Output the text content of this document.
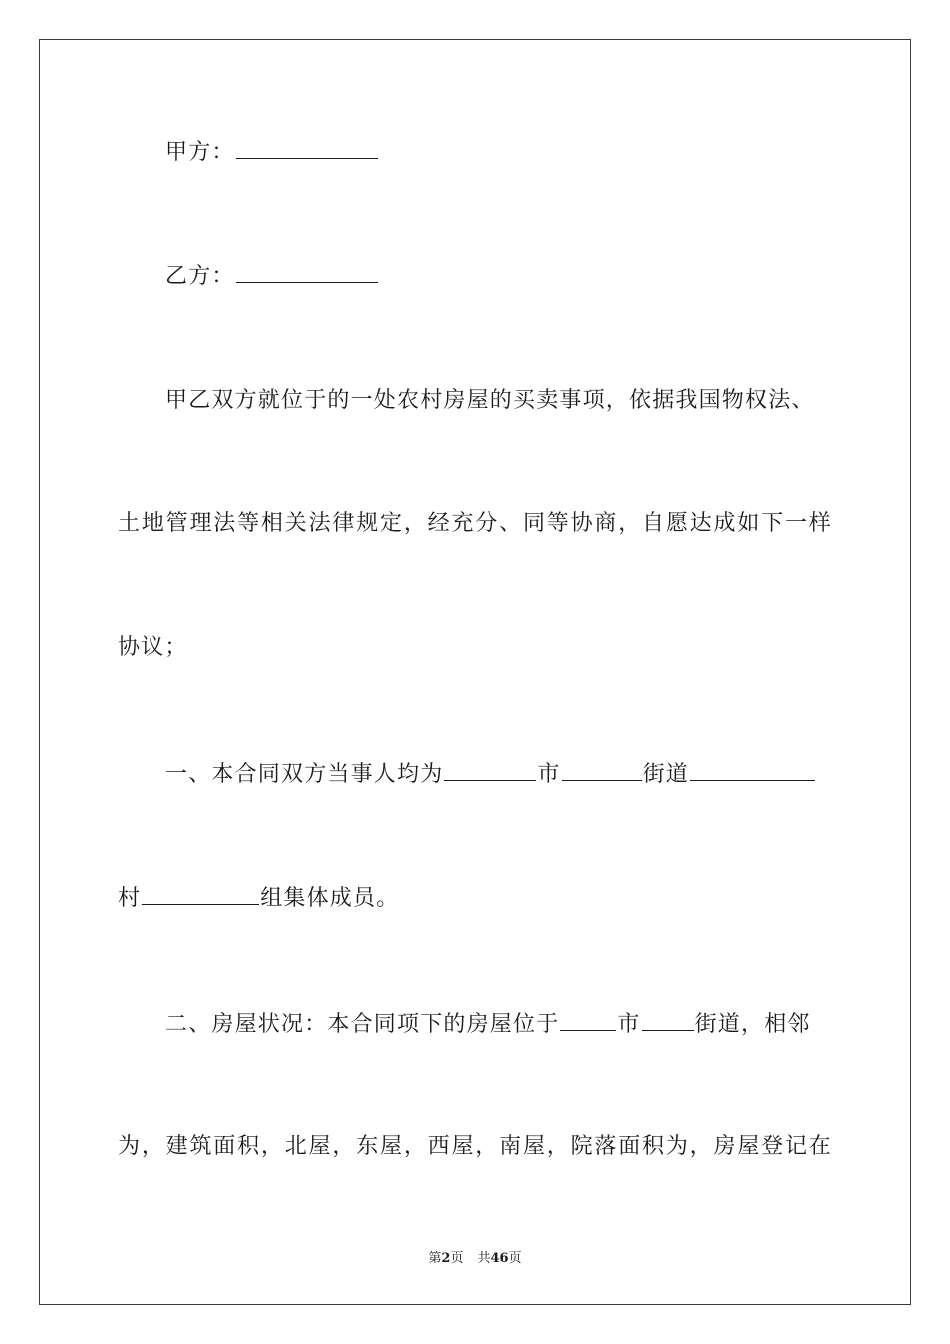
甲方：
乙方：
甲乙双方就位于的一处农村房屋的买卖事项，依据我国物权法、
土地管理法等相关法律规定，经充分、同等协商，自愿达成如下一样
协议；
一、本合同双方当事人均为	市	街道
村	组集体成员。
二、房屋状况：本合同项下的房屋位于	市 街道，相邻
为，建筑面积，北屋，东屋，西屋，南屋，院落面积为，房屋登记在
第2页 共46页
